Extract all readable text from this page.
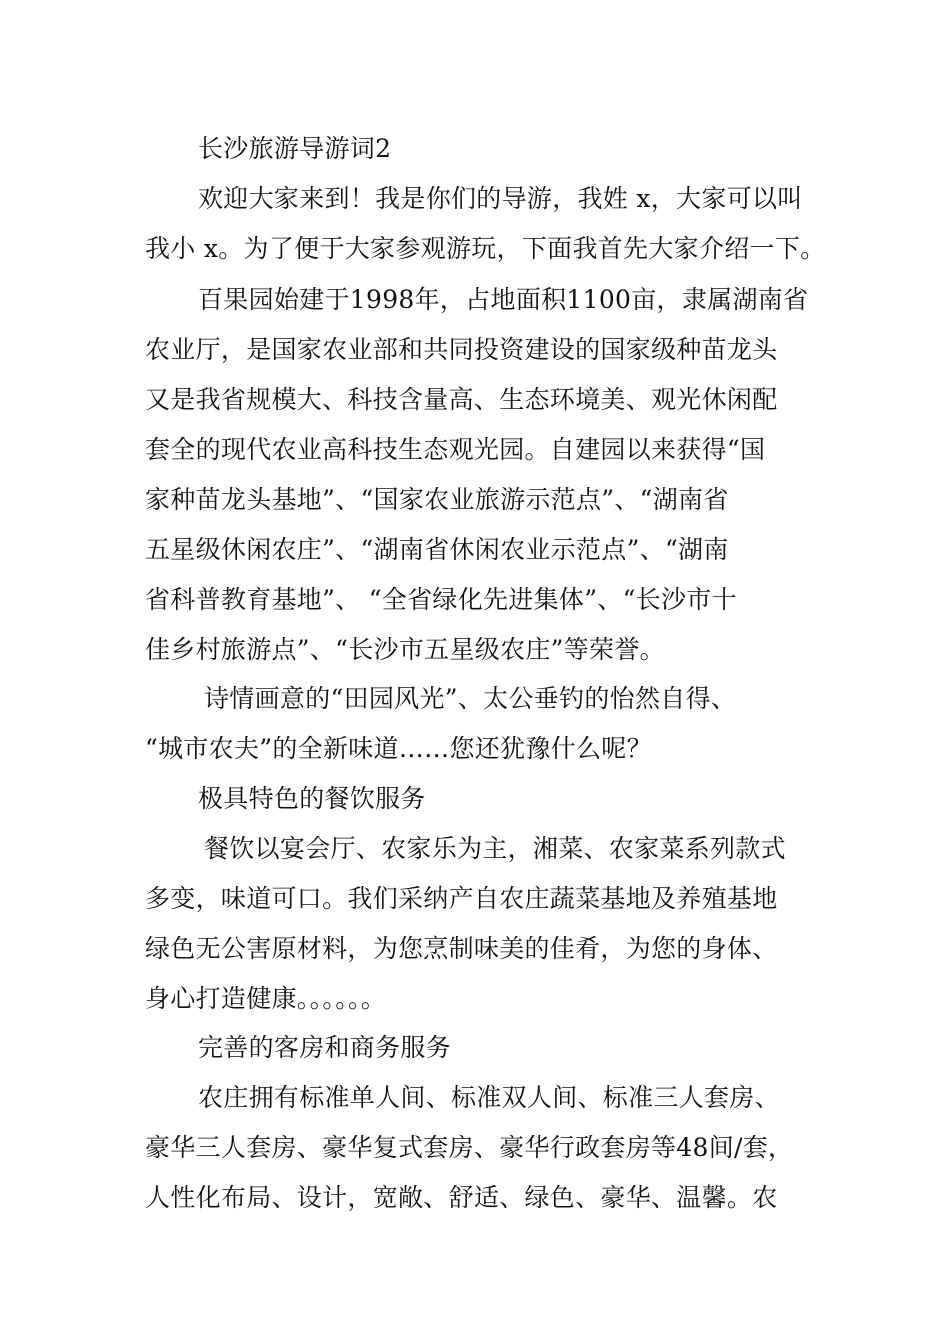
长沙旅游导游词2

欢迎大家来到！我是你们的导游，我姓 x，大家可以叫

我小 x。为了便于大家参观游玩，下面我首先大家介绍一下。

百果园始建于1998年，占地面积1100亩，隶属湖南省

农业厅，是国家农业部和共同投资建设的国家级种苗龙头

又是我省规模大、科技含量高、生态环境美、观光休闲配

套全的现代农业高科技生态观光园。自建园以来获得“国

家种苗龙头基地”、“国家农业旅游示范点”、“湖南省

五星级休闲农庄”、“湖南省休闲农业示范点”、“湖南

省科普教育基地”、 “全省绿化先进集体”、“长沙市十

佳乡村旅游点”、“长沙市五星级农庄”等荣誉。

诗情画意的“田园风光”、太公垂钓的怡然自得、

“城市农夫”的全新味道……您还犹豫什么呢？

极具特色的餐饮服务

餐饮以宴会厅、农家乐为主，湘菜、农家菜系列款式

多变，味道可口。我们采纳产自农庄蔬菜基地及养殖基地

绿色无公害原材料，为您烹制味美的佳肴，为您的身体、

身心打造健康。。。。。。

完善的客房和商务服务

农庄拥有标准单人间、标准双人间、标准三人套房、

豪华三人套房、豪华复式套房、豪华行政套房等48间/套，

人性化布局、设计，宽敞、舒适、绿色、豪华、温馨。农
